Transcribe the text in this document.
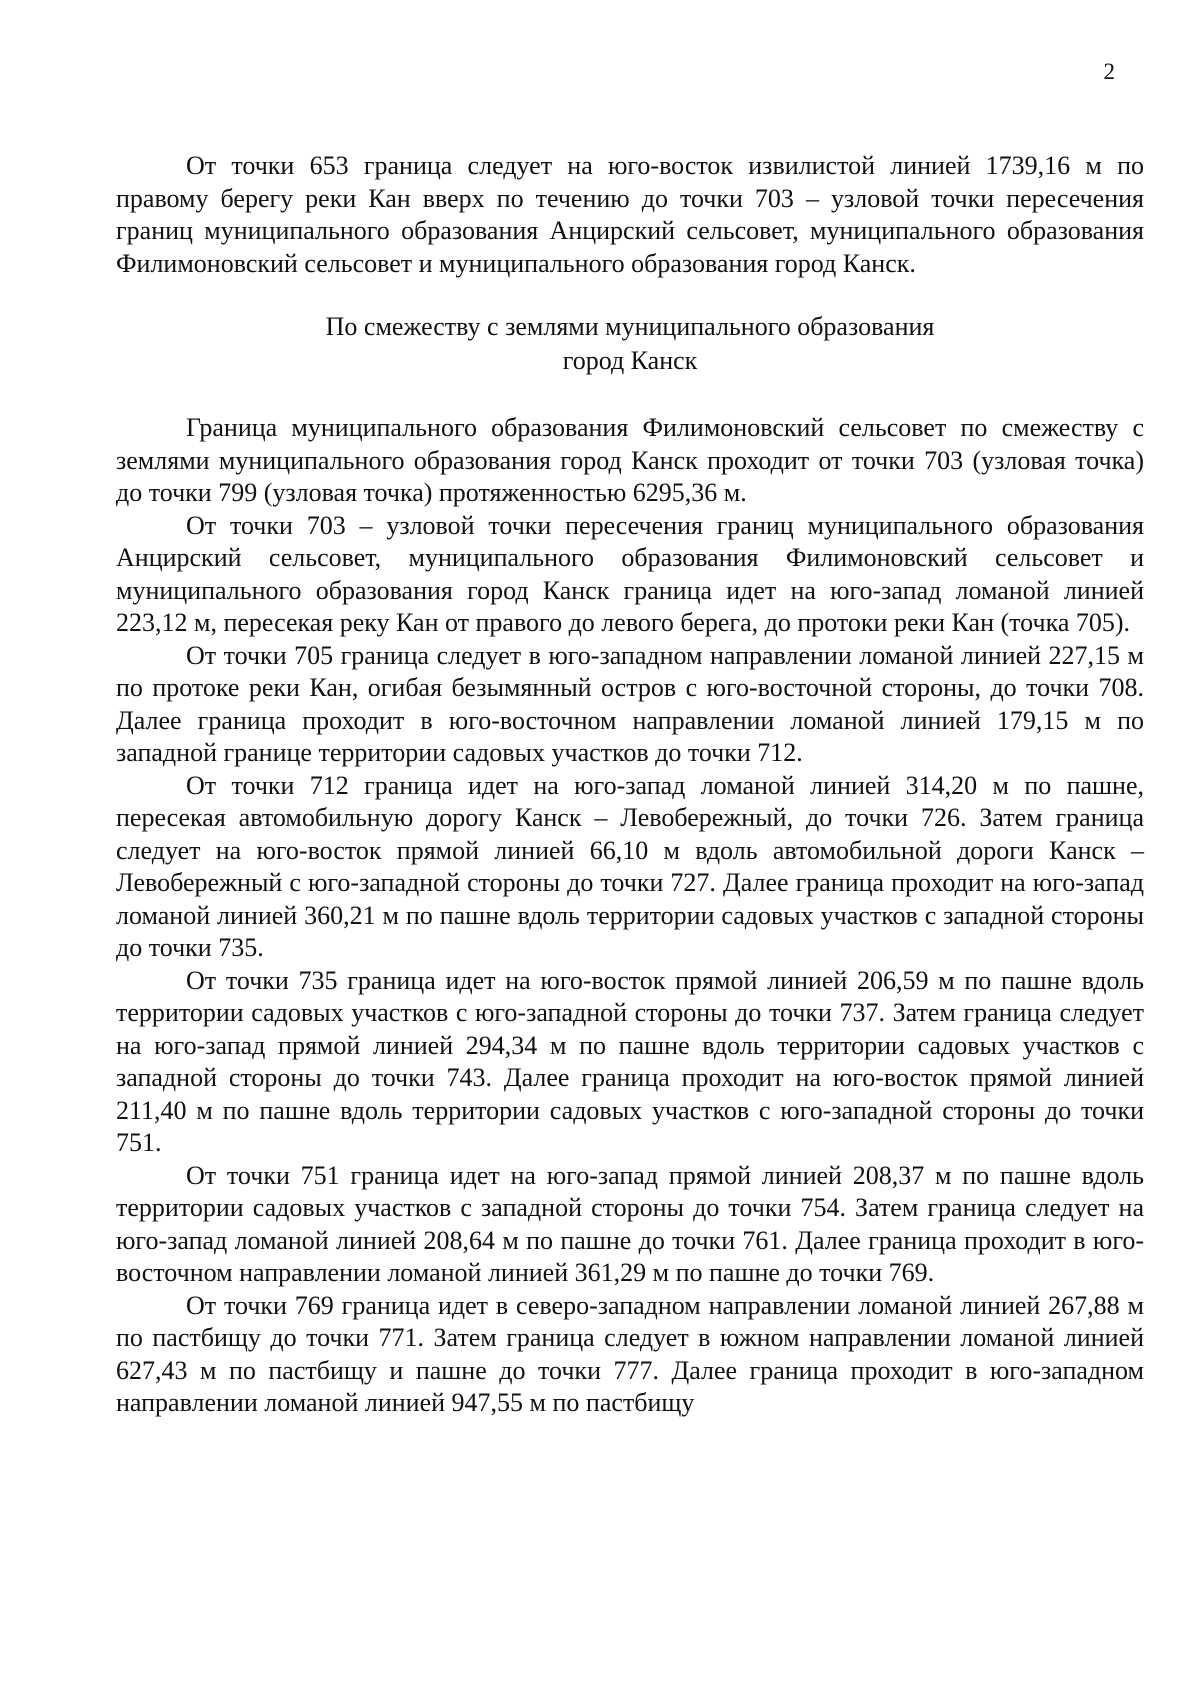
2

От точки 653 граница следует на юго-восток извилистой линией 1739,16 м по правому берегу реки Кан вверх по течению до точки 703 – узловой точки пересечения границ муниципального образования Анцирский сельсовет, муниципального образования Филимоновский сельсовет и муниципального образования город Канск.

По смежеству с землями муниципального образования
город Канск

Граница муниципального образования Филимоновский сельсовет по смежеству с землями муниципального образования город Канск проходит от точки 703 (узловая точка) до точки 799 (узловая точка) протяженностью 6295,36 м.

От точки 703 – узловой точки пересечения границ муниципального образования Анцирский сельсовет, муниципального образования Филимоновский сельсовет и муниципального образования город Канск граница идет на юго-запад ломаной линией 223,12 м, пересекая реку Кан от правого до левого берега, до протоки реки Кан (точка 705).

От точки 705 граница следует в юго-западном направлении ломаной линией 227,15 м по протоке реки Кан, огибая безымянный остров с юго-восточной стороны, до точки 708. Далее граница проходит в юго-восточном направлении ломаной линией 179,15 м по западной границе территории садовых участков до точки 712.

От точки 712 граница идет на юго-запад ломаной линией 314,20 м по пашне, пересекая автомобильную дорогу Канск – Левобережный, до точки 726. Затем граница следует на юго-восток прямой линией 66,10 м вдоль автомобильной дороги Канск – Левобережный с юго-западной стороны до точки 727. Далее граница проходит на юго-запад ломаной линией 360,21 м по пашне вдоль территории садовых участков с западной стороны до точки 735.

От точки 735 граница идет на юго-восток прямой линией 206,59 м по пашне вдоль территории садовых участков с юго-западной стороны до точки 737. Затем граница следует на юго-запад прямой линией 294,34 м по пашне вдоль территории садовых участков с западной стороны до точки 743. Далее граница проходит на юго-восток прямой линией 211,40 м по пашне вдоль территории садовых участков с юго-западной стороны до точки 751.

От точки 751 граница идет на юго-запад прямой линией 208,37 м по пашне вдоль территории садовых участков с западной стороны до точки 754. Затем граница следует на юго-запад ломаной линией 208,64 м по пашне до точки 761. Далее граница проходит в юго-восточном направлении ломаной линией 361,29 м по пашне до точки 769.

От точки 769 граница идет в северо-западном направлении ломаной линией 267,88 м по пастбищу до точки 771. Затем граница следует в южном направлении ломаной линией 627,43 м по пастбищу и пашне до точки 777. Далее граница проходит в юго-западном направлении ломаной линией 947,55 м по пастбищу
